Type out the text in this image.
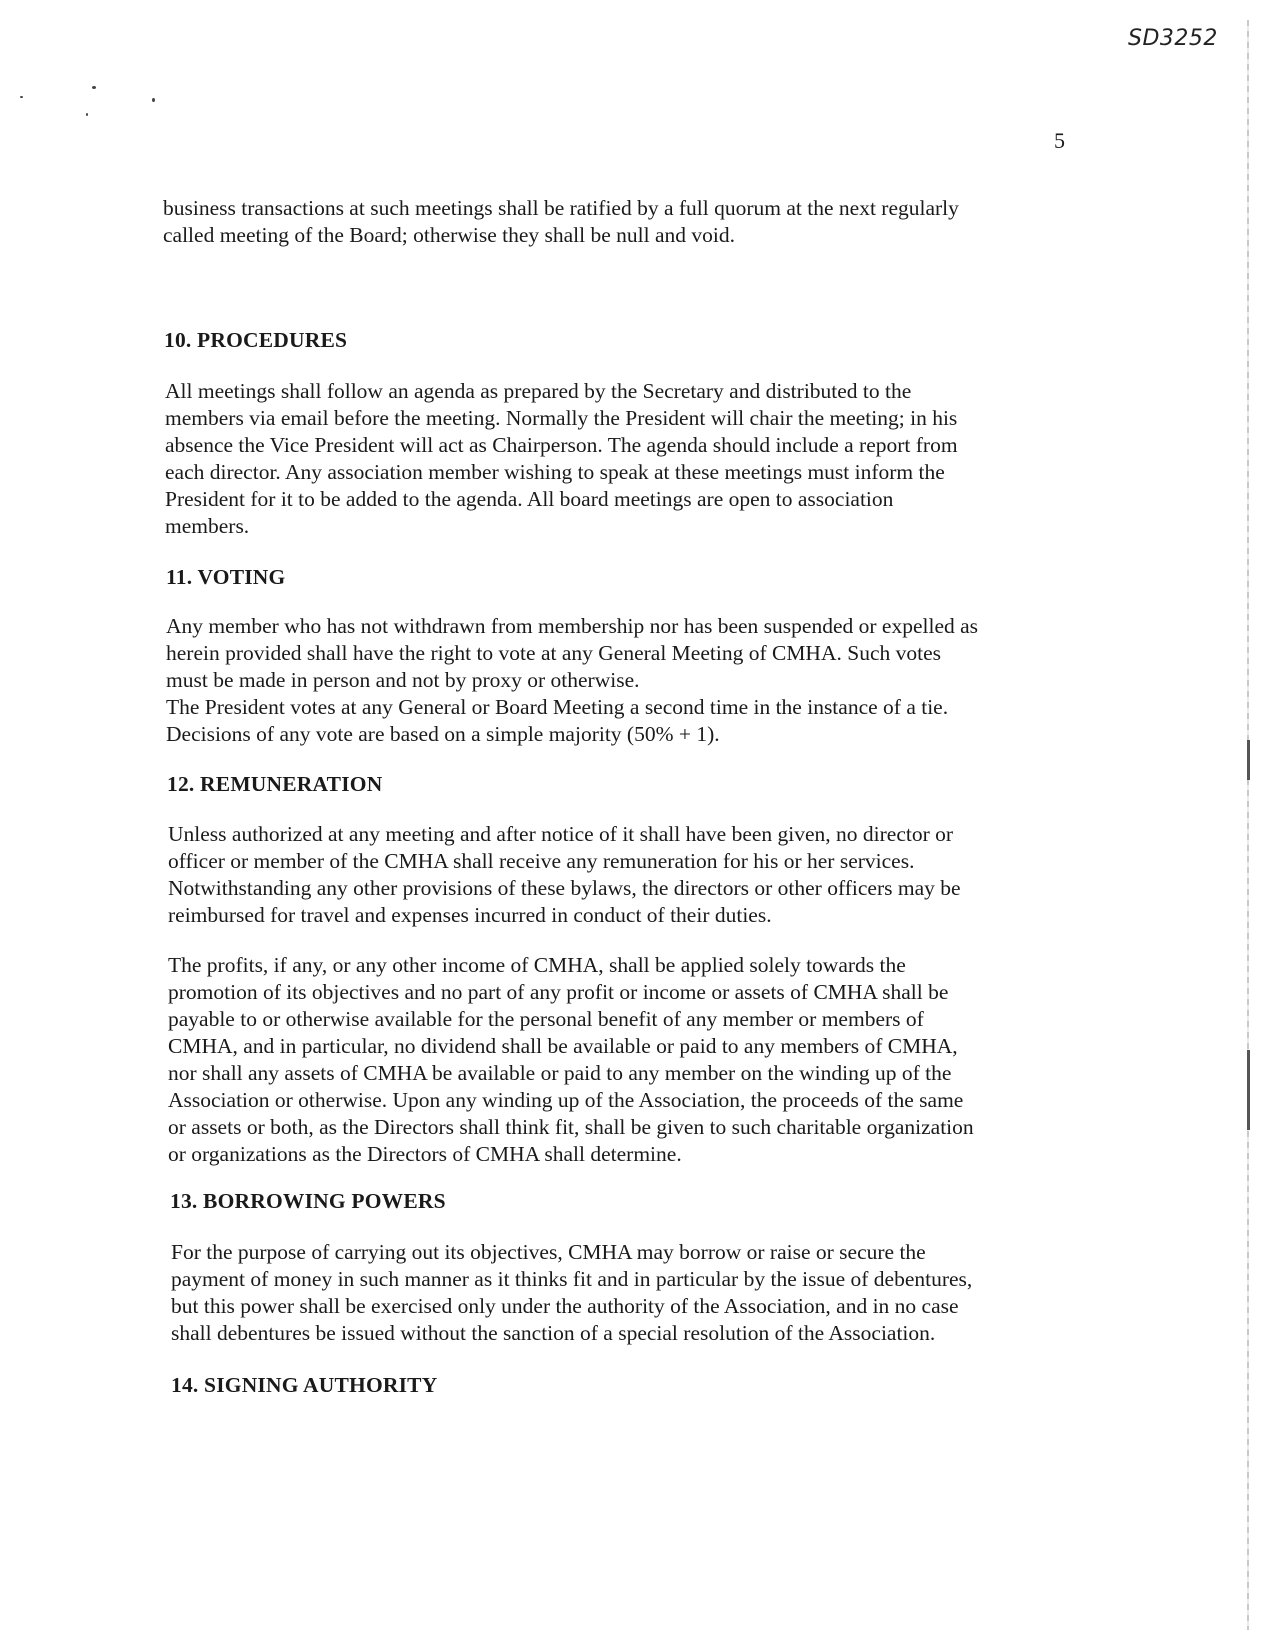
SD3252
5

business transactions at such meetings shall be ratified by a full quorum at the next regularly
called meeting of the Board; otherwise they shall be null and void.

10. PROCEDURES

All meetings shall follow an agenda as prepared by the Secretary and distributed to the
members via email before the meeting. Normally the President will chair the meeting; in his
absence the Vice President will act as Chairperson. The agenda should include a report from
each director. Any association member wishing to speak at these meetings must inform the
President for it to be added to the agenda. All board meetings are open to association
members.

11. VOTING

Any member who has not withdrawn from membership nor has been suspended or expelled as
herein provided shall have the right to vote at any General Meeting of CMHA. Such votes
must be made in person and not by proxy or otherwise.
The President votes at any General or Board Meeting a second time in the instance of a tie.
Decisions of any vote are based on a simple majority (50% + 1).

12. REMUNERATION

Unless authorized at any meeting and after notice of it shall have been given, no director or
officer or member of the CMHA shall receive any remuneration for his or her services.
Notwithstanding any other provisions of these bylaws, the directors or other officers may be
reimbursed for travel and expenses incurred in conduct of their duties.

The profits, if any, or any other income of CMHA, shall be applied solely towards the
promotion of its objectives and no part of any profit or income or assets of CMHA shall be
payable to or otherwise available for the personal benefit of any member or members of
CMHA, and in particular, no dividend shall be available or paid to any members of CMHA,
nor shall any assets of CMHA be available or paid to any member on the winding up of the
Association or otherwise. Upon any winding up of the Association, the proceeds of the same
or assets or both, as the Directors shall think fit, shall be given to such charitable organization
or organizations as the Directors of CMHA shall determine.

13. BORROWING POWERS

For the purpose of carrying out its objectives, CMHA may borrow or raise or secure the
payment of money in such manner as it thinks fit and in particular by the issue of debentures,
but this power shall be exercised only under the authority of the Association, and in no case
shall debentures be issued without the sanction of a special resolution of the Association.

14. SIGNING AUTHORITY
